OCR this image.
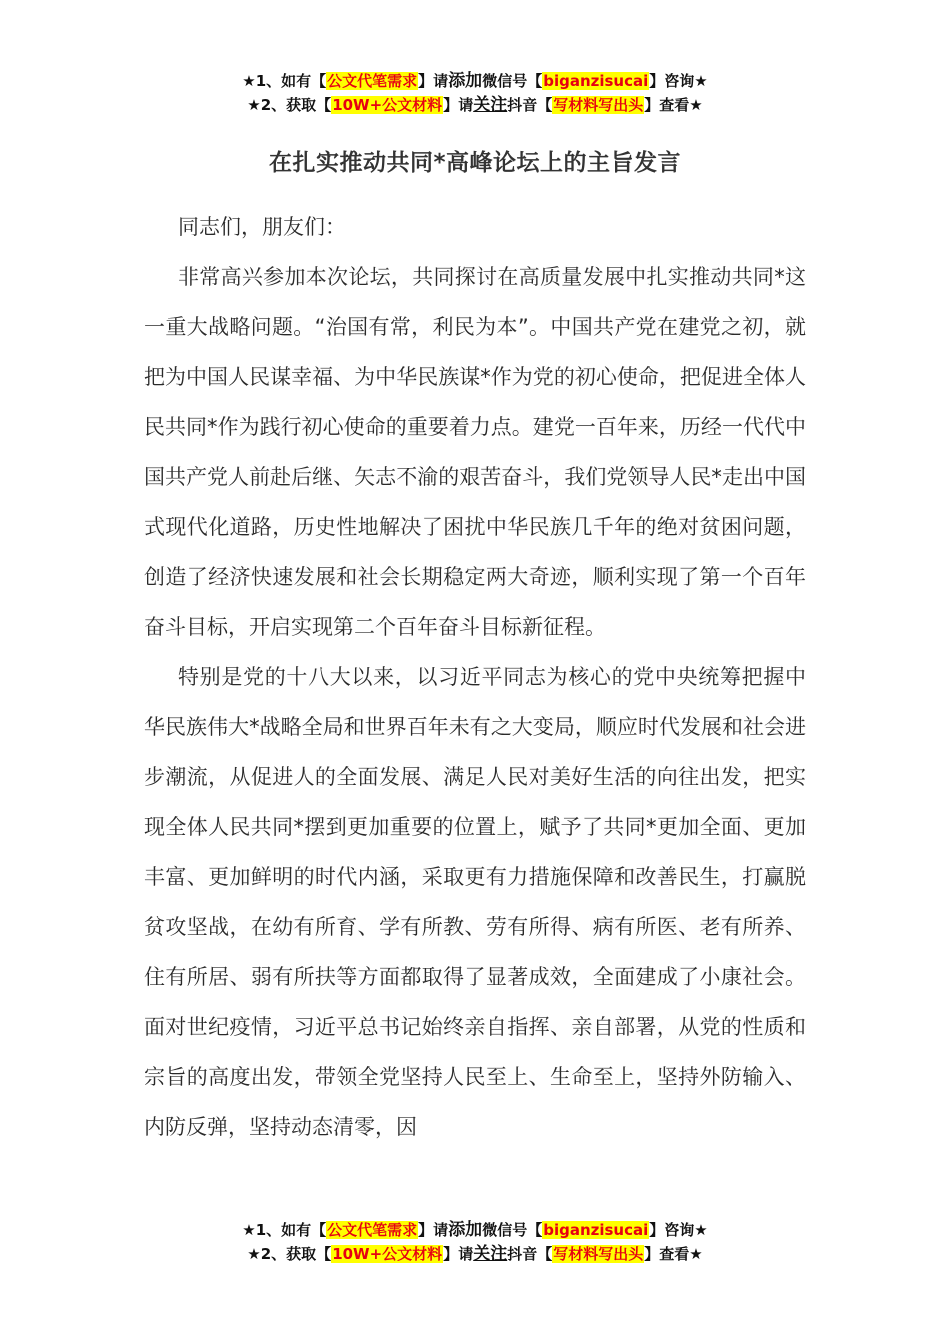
★1、如有【公文代笔需求】请添加微信号【biganzisucai】咨询★
★2、获取【10W+公文材料】请关注抖音【写材料写出头】查看★
在扎实推动共同*高峰论坛上的主旨发言

同志们，朋友们：

非常高兴参加本次论坛，共同探讨在高质量发展中扎实推动共同*这一重大战略问题。“治国有常，利民为本”。中国共产党在建党之初，就把为中国人民谋幸福、为中华民族谋*作为党的初心使命，把促进全体人民共同*作为践行初心使命的重要着力点。建党一百年来，历经一代代中国共产党人前赴后继、矢志不渝的艰苦奋斗，我们党领导人民*走出中国式现代化道路，历史性地解决了困扰中华民族几千年的绝对贫困问题，创造了经济快速发展和社会长期稳定两大奇迹，顺利实现了第一个百年奋斗目标，开启实现第二个百年奋斗目标新征程。

特别是党的十八大以来，以习近平同志为核心的党中央统筹把握中华民族伟大*战略全局和世界百年未有之大变局，顺应时代发展和社会进步潮流，从促进人的全面发展、满足人民对美好生活的向往出发，把实现全体人民共同*摆到更加重要的位置上，赋予了共同*更加全面、更加丰富、更加鲜明的时代内涵，采取更有力措施保障和改善民生，打赢脱贫攻坚战，在幼有所育、学有所教、劳有所得、病有所医、老有所养、住有所居、弱有所扶等方面都取得了显著成效，全面建成了小康社会。面对世纪疫情，习近平总书记始终亲自指挥、亲自部署，从党的性质和宗旨的高度出发，带领全党坚持人民至上、生命至上，坚持外防输入、内防反弹，坚持动态清零，因

★1、如有【公文代笔需求】请添加微信号【biganzisucai】咨询★
★2、获取【10W+公文材料】请关注抖音【写材料写出头】查看★
